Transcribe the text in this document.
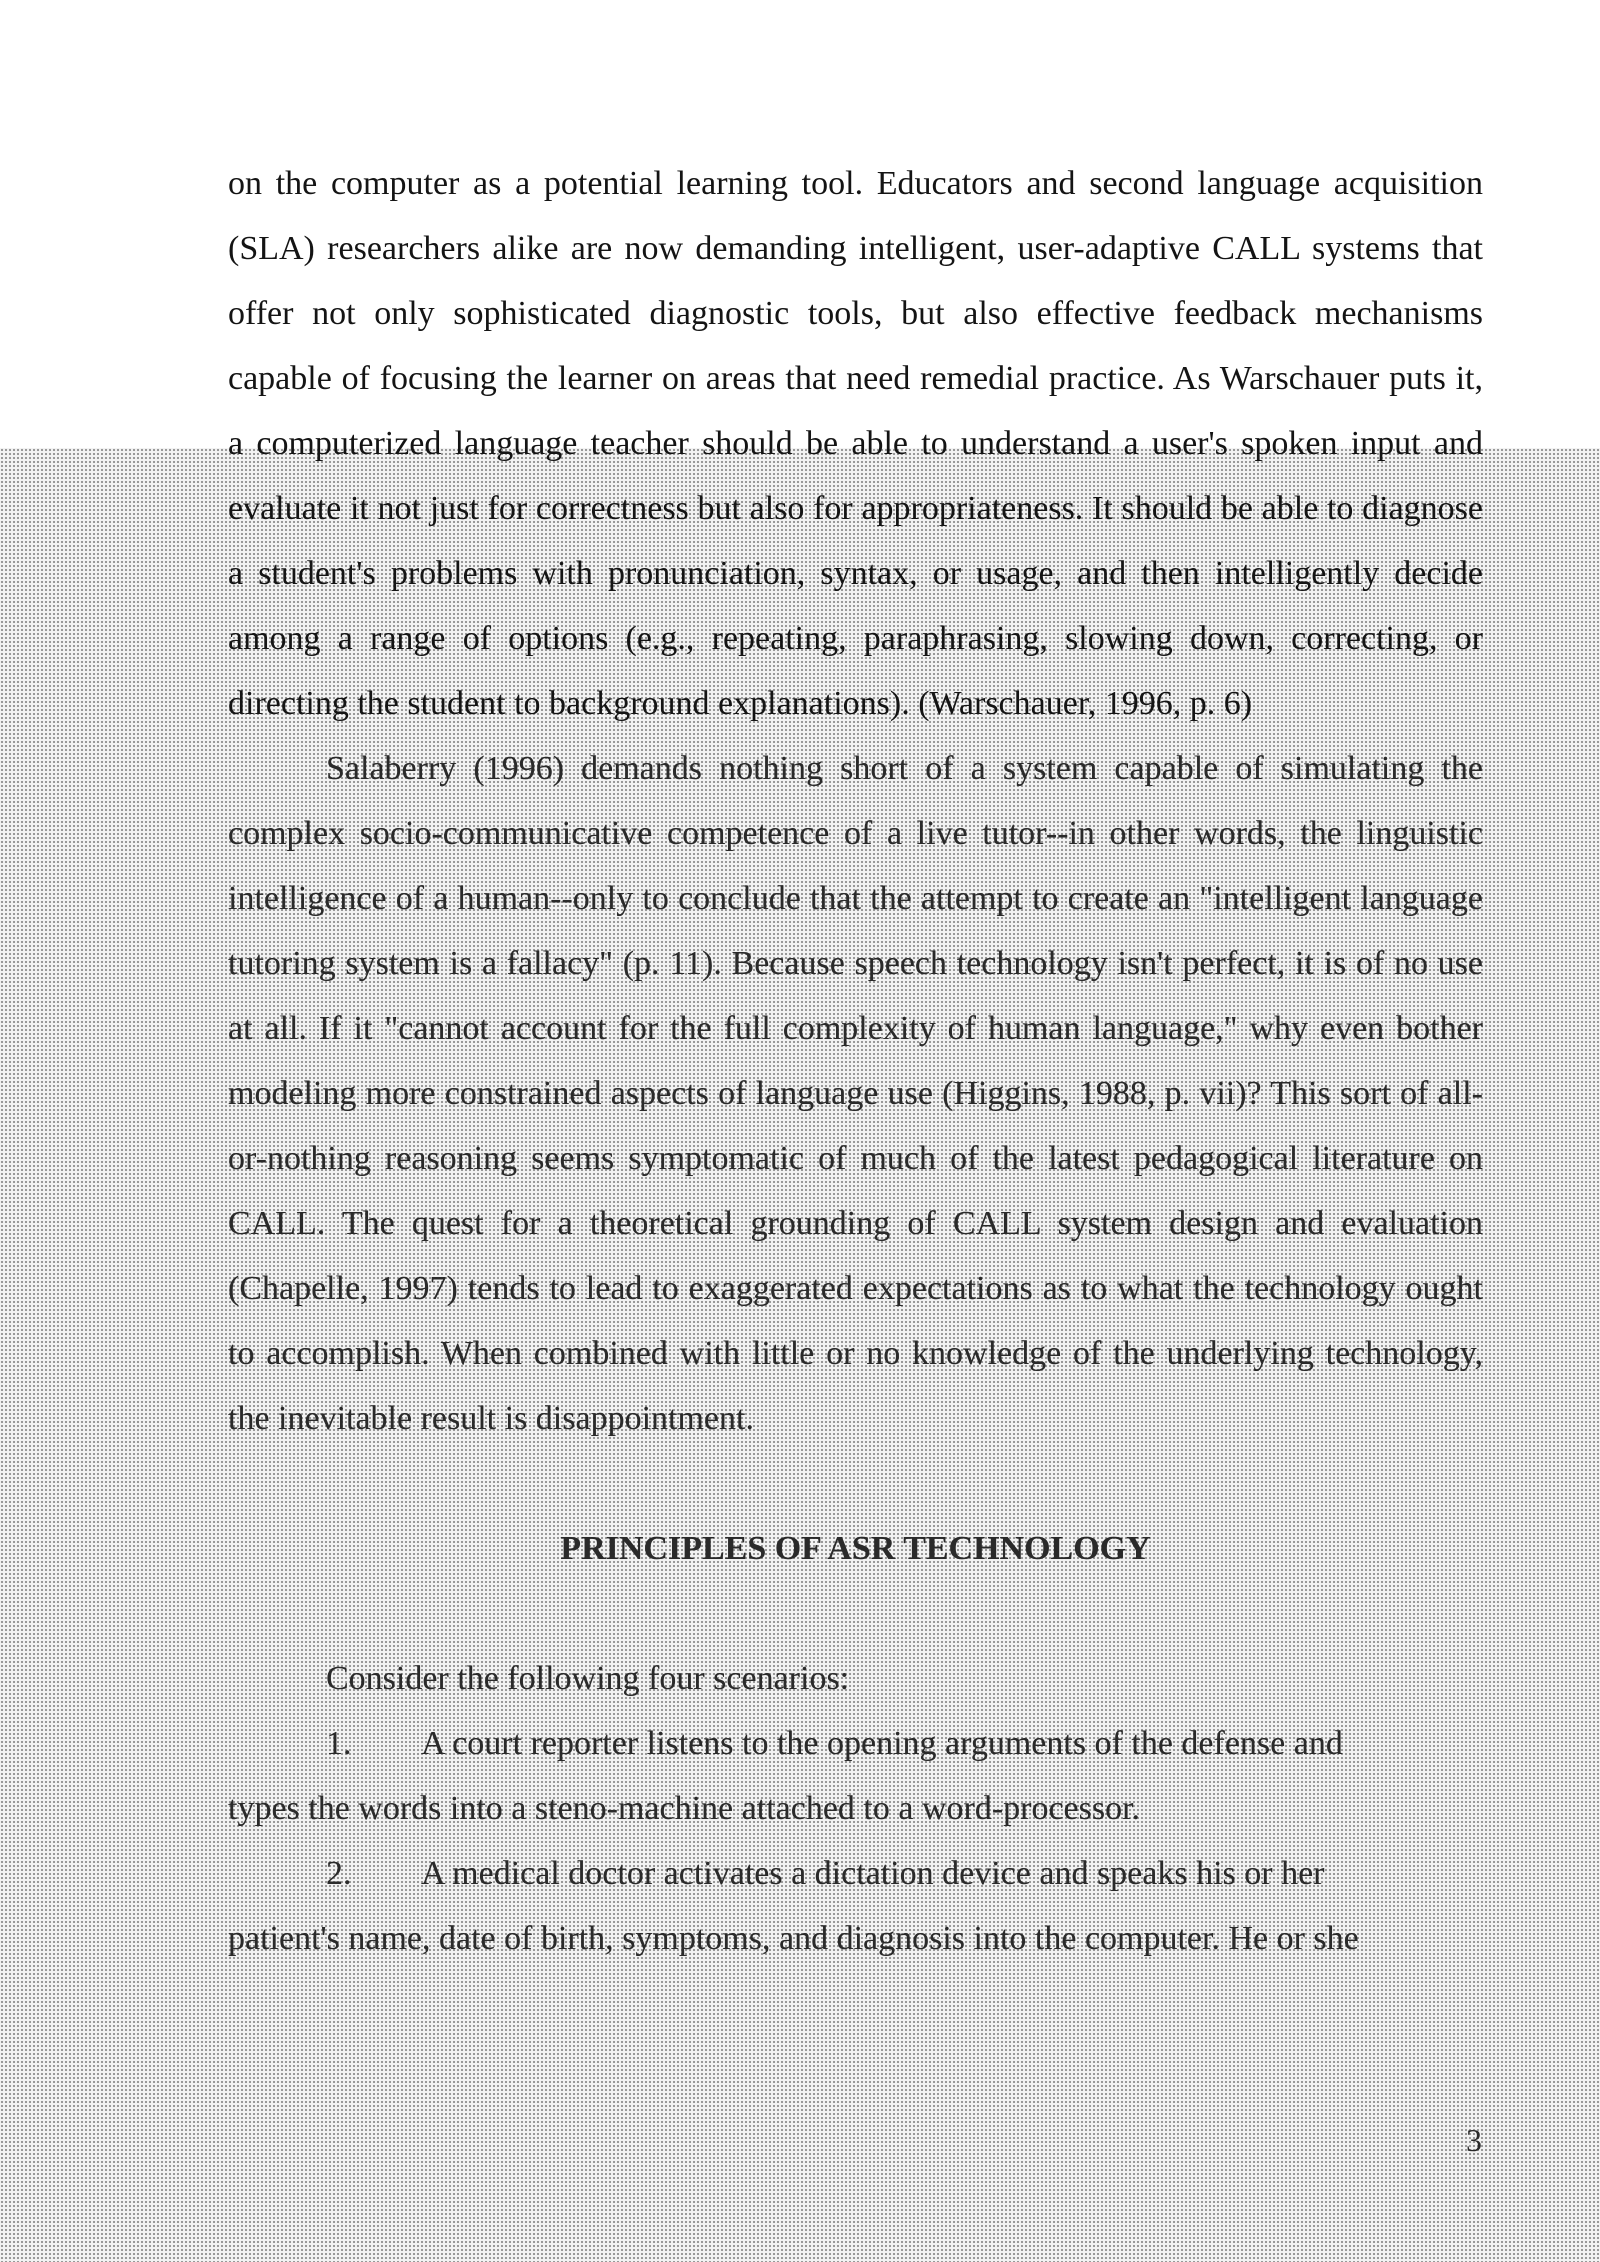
on the computer as a potential learning tool. Educators and second language acquisition (SLA) researchers alike are now demanding intelligent, user-adaptive CALL systems that offer not only sophisticated diagnostic tools, but also effective feedback mechanisms capable of focusing the learner on areas that need remedial practice. As Warschauer puts it, a computerized language teacher should be able to understand a user's spoken input and evaluate it not just for correctness but also for appropriateness. It should be able to diagnose a student's problems with pronunciation, syntax, or usage, and then intelligently decide among a range of options (e.g., repeating, paraphrasing, slowing down, correcting, or directing the student to background explanations). (Warschauer, 1996, p. 6)

Salaberry (1996) demands nothing short of a system capable of simulating the complex socio-communicative competence of a live tutor--in other words, the linguistic intelligence of a human--only to conclude that the attempt to create an "intelligent language tutoring system is a fallacy" (p. 11). Because speech technology isn't perfect, it is of no use at all. If it "cannot account for the full complexity of human language," why even bother modeling more constrained aspects of language use (Higgins, 1988, p. vii)? This sort of all-or-nothing reasoning seems symptomatic of much of the latest pedagogical literature on CALL. The quest for a theoretical grounding of CALL system design and evaluation (Chapelle, 1997) tends to lead to exaggerated expectations as to what the technology ought to accomplish. When combined with little or no knowledge of the underlying technology, the inevitable result is disappointment.

PRINCIPLES OF ASR TECHNOLOGY

Consider the following four scenarios:

1. A court reporter listens to the opening arguments of the defense and
types the words into a steno-machine attached to a word-processor.
2. A medical doctor activates a dictation device and speaks his or her
patient's name, date of birth, symptoms, and diagnosis into the computer. He or she
3
